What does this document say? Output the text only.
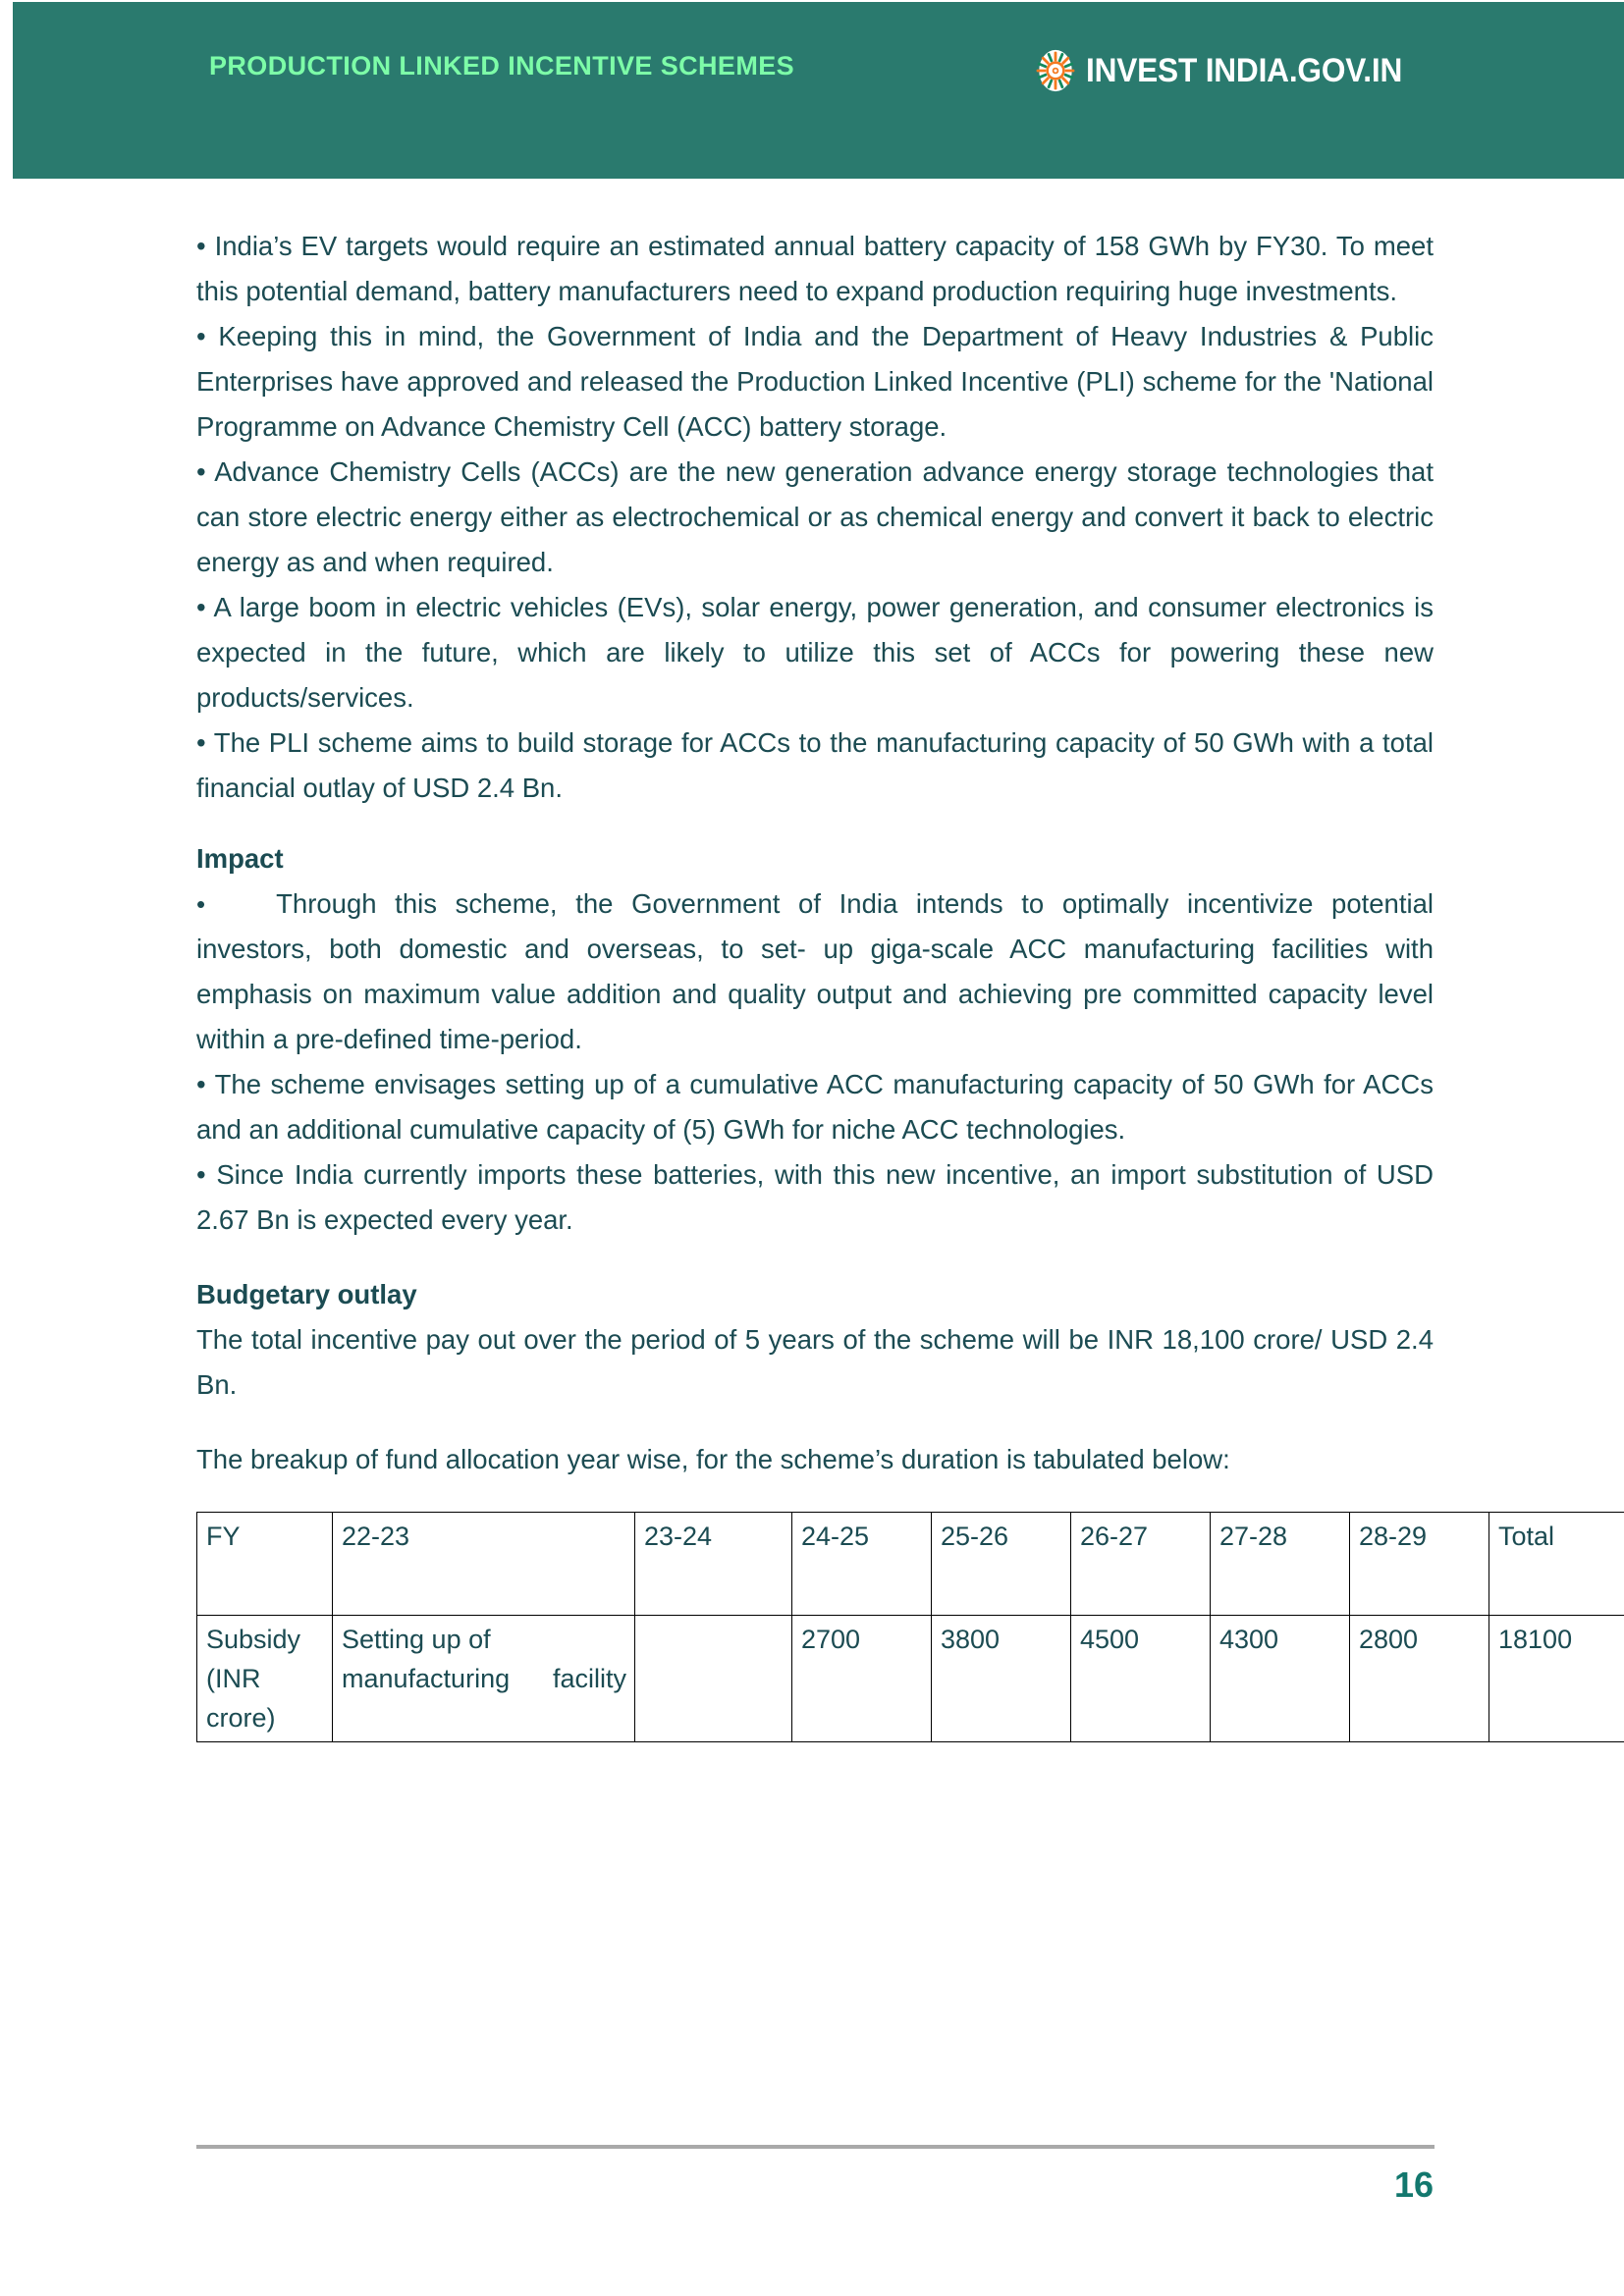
PRODUCTION LINKED INCENTIVE SCHEMES	INVEST INDIA.GOV.IN

• India’s EV targets would require an estimated annual battery capacity of 158 GWh by FY30. To meet this potential demand, battery manufacturers need to expand production requiring huge investments.

• Keeping this in mind, the Government of India and the Department of Heavy Industries & Public Enterprises have approved and released the Production Linked Incentive (PLI) scheme for the 'National Programme on Advance Chemistry Cell (ACC) battery storage.

• Advance Chemistry Cells (ACCs) are the new generation advance energy storage technologies that can store electric energy either as electrochemical or as chemical energy and convert it back to electric energy as and when required.

• A large boom in electric vehicles (EVs), solar energy, power generation, and consumer electronics is expected in the future, which are likely to utilize this set of ACCs for powering these new products/services.

• The PLI scheme aims to build storage for ACCs to the manufacturing capacity of 50 GWh with a total financial outlay of USD 2.4 Bn.

Impact

•	Through this scheme, the Government of India intends to optimally incentivize potential investors, both domestic and overseas, to set- up giga-scale ACC manufacturing facilities with emphasis on maximum value addition and quality output and achieving pre committed capacity level within a pre-defined time-period.

• The scheme envisages setting up of a cumulative ACC manufacturing capacity of 50 GWh for ACCs and an additional cumulative capacity of (5) GWh for niche ACC technologies.

• Since India currently imports these batteries, with this new incentive, an import substitution of USD 2.67 Bn is expected every year.

Budgetary outlay

The total incentive pay out over the period of 5 years of the scheme will be INR 18,100 crore/ USD 2.4 Bn.

The breakup of fund allocation year wise, for the scheme’s duration is tabulated below:

FY	22-23	23-24	24-25	25-26	26-27	27-28	28-29	Total
Subsidy (INR crore)	Setting up of manufacturing facility		2700	3800	4500	4300	2800	18100
16
